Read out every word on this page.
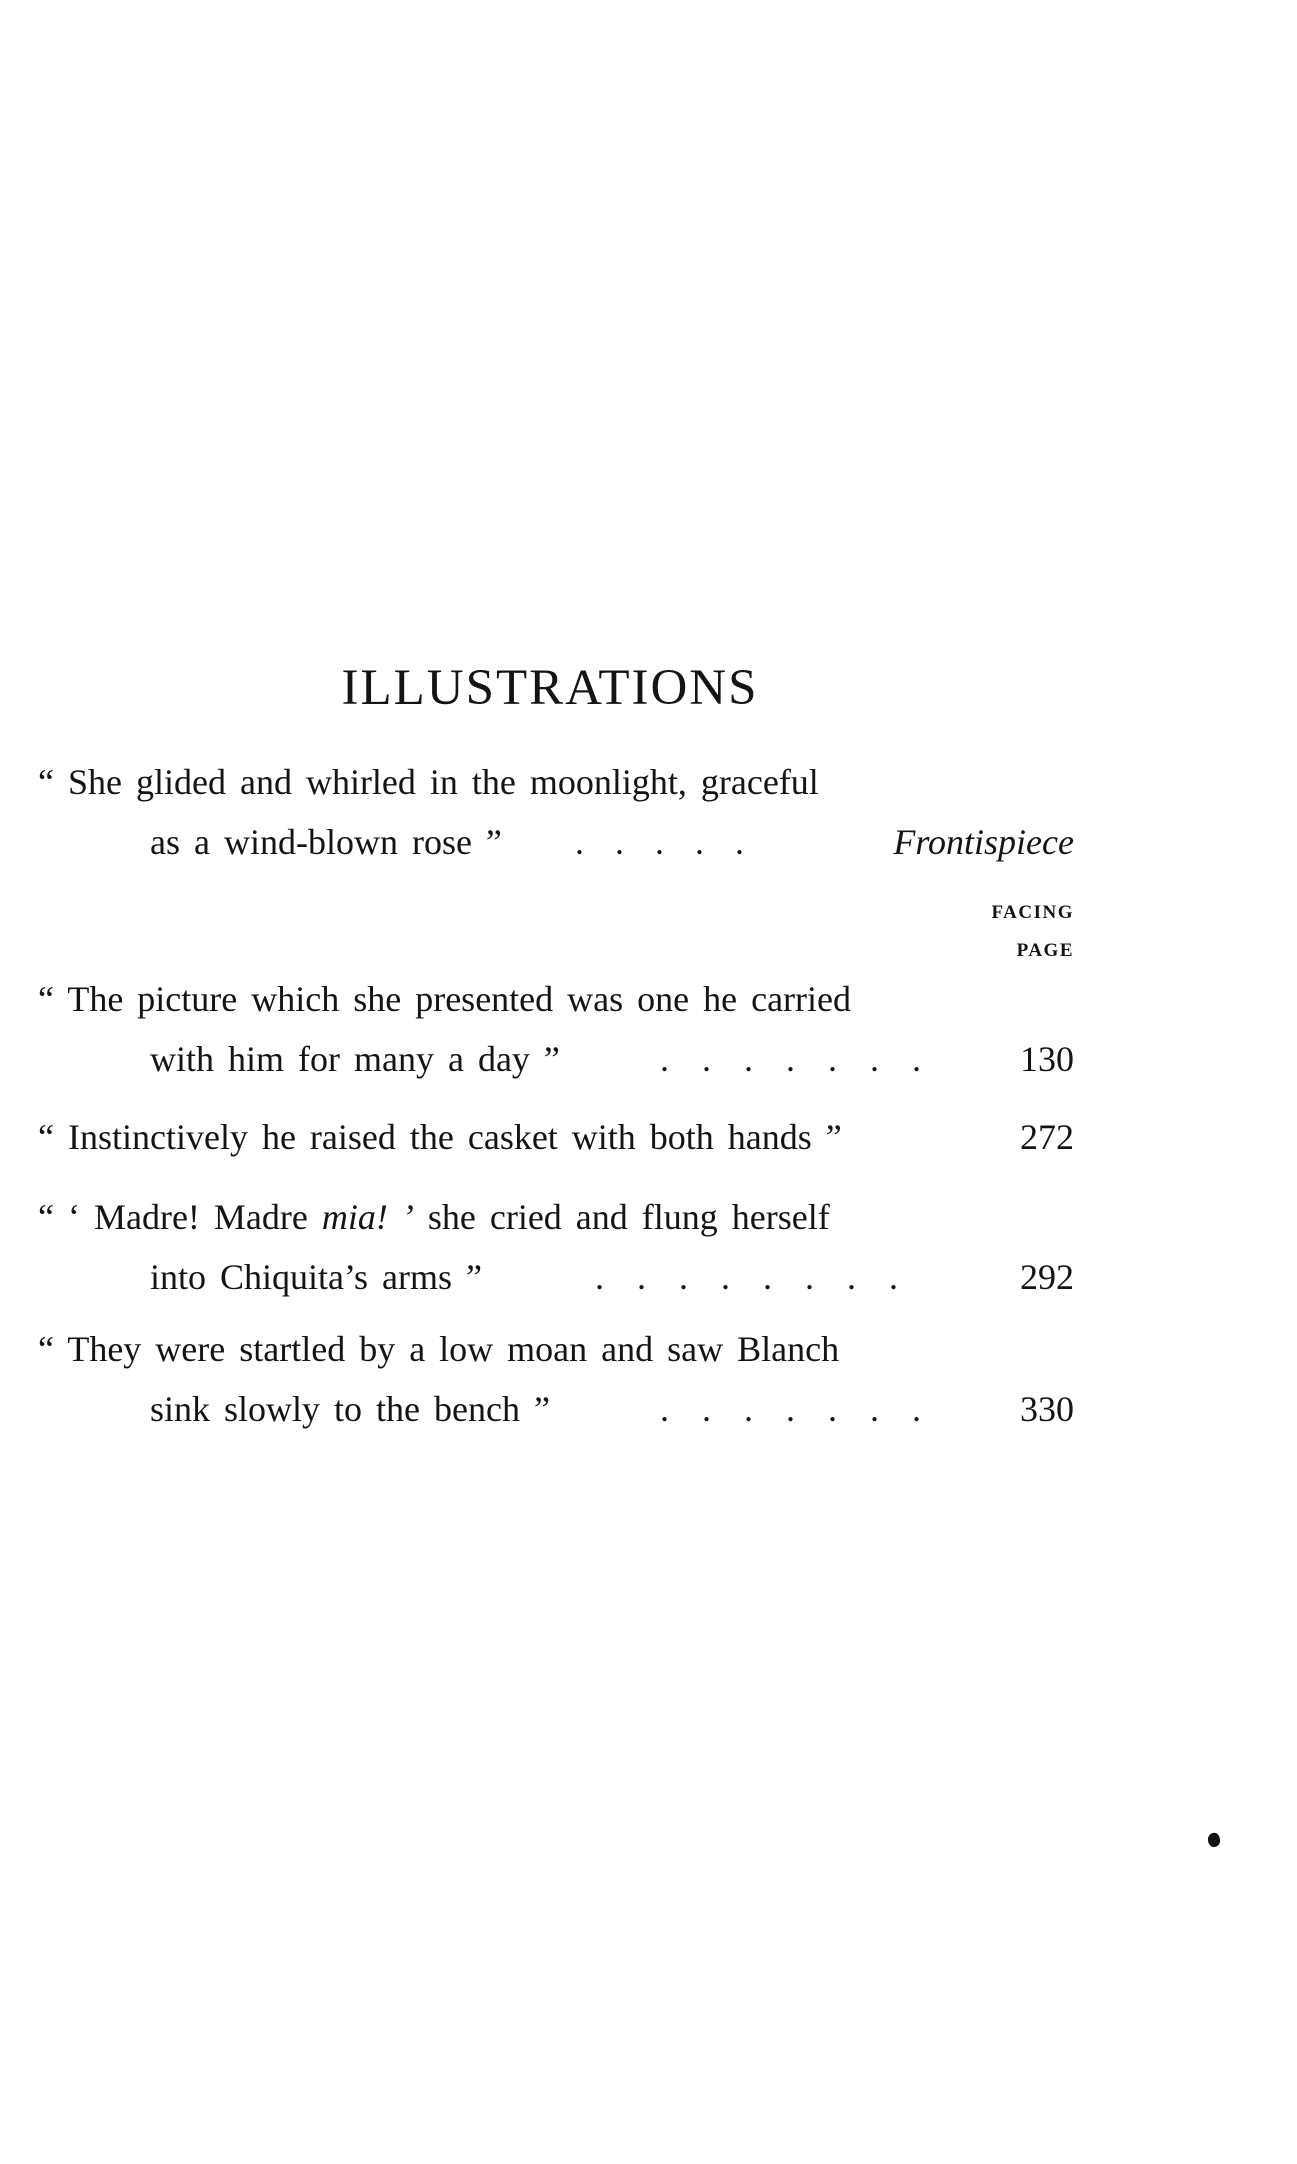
ILLUSTRATIONS
“ She glided and whirled in the moonlight, graceful
as a wind-blown rose ” . . . . .	Frontispiece
FACING
PAGE
“ The picture which she presented was one he carried
with him for many a day ”	. . . . . . .	130
“ Instinctively he raised the casket with both hands ”	272
“ ‘ Madre! Madre mia! ’ she cried and flung herself
into Chiquita’s arms ”	. . . . . . . .	292
“ They were startled by a low moan and saw Blanch
sink slowly to the bench ”	. . . . . . .	330
